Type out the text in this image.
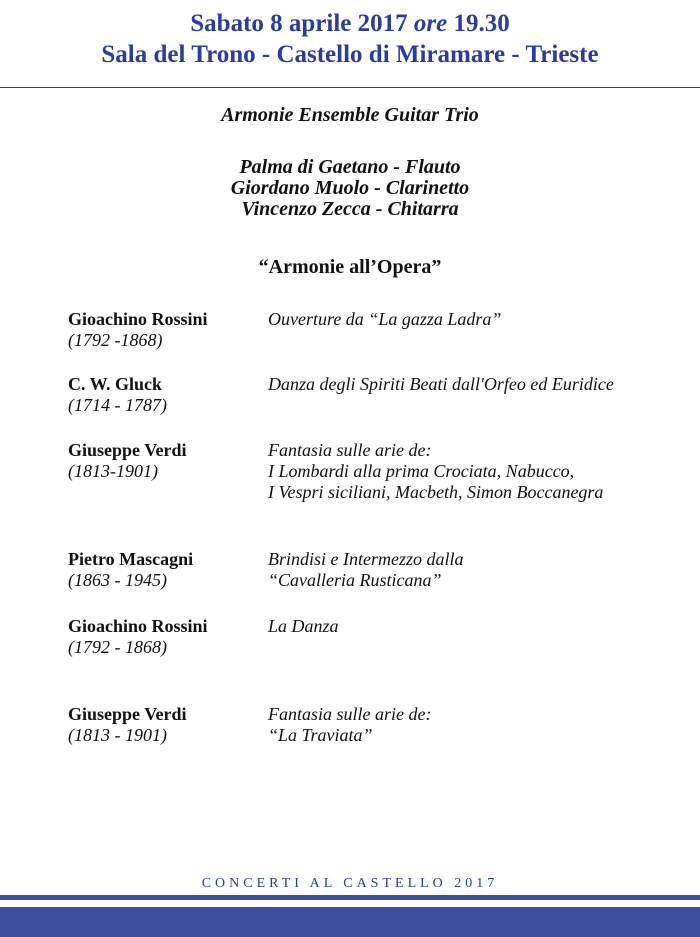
Sabato 8 aprile 2017 ore 19.30
Sala del Trono - Castello di Miramare - Trieste
Armonie Ensemble Guitar Trio
Palma di Gaetano - Flauto
Giordano Muolo - Clarinetto
Vincenzo Zecca - Chitarra
“Armonie all’Opera”
Gioachino Rossini
(1792 -1868)
Ouverture da “La gazza Ladra”
C. W. Gluck
(1714 - 1787)
Danza degli Spiriti Beati dall'Orfeo ed Euridice
Giuseppe Verdi
(1813-1901)
Fantasia sulle arie de:
I Lombardi alla prima Crociata, Nabucco,
I Vespri siciliani, Macbeth, Simon Boccanegra
Pietro Mascagni
(1863 - 1945)
Brindisi e Intermezzo dalla
“Cavalleria Rusticana”
Gioachino Rossini
(1792 - 1868)
La Danza
Giuseppe Verdi
(1813 - 1901)
Fantasia sulle arie de:
“La Traviata”
CONCERTI AL CASTELLO 2017
